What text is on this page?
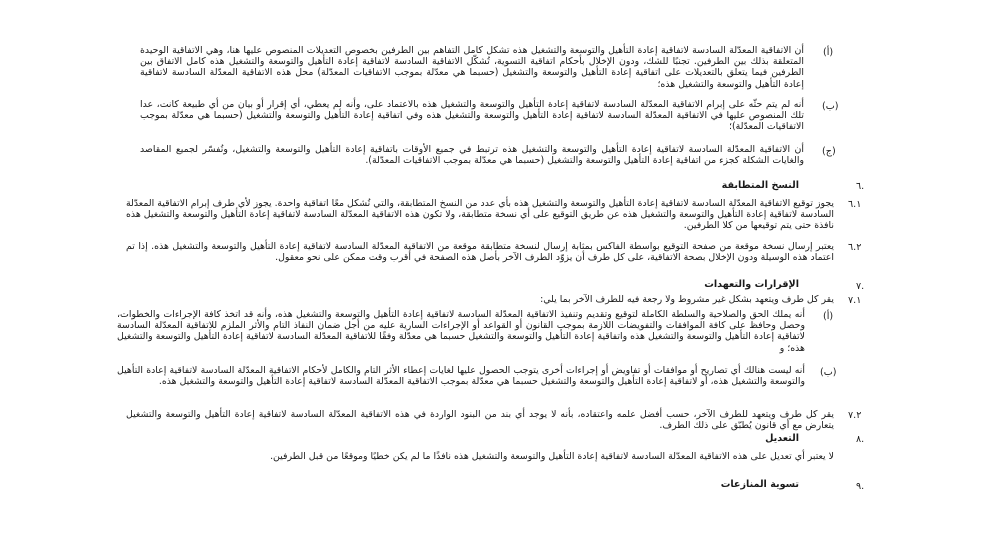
(أ)
أن الاتفاقية المعدّلة السادسة لاتفاقية إعادة التأهيل والتوسعة والتشغيل هذه تشكل كامل التفاهم بين الطرفين بخصوص التعديلات المنصوص عليها هنا، وهي الاتفاقية الوحيدة المتعلقة بذلك بين الطرفين. تجنبًا للشك، ودون الإخلال بأحكام اتفاقية التسوية، تُشكّل الاتفاقية السادسة لاتفاقية إعادة التأهيل والتوسعة والتشغيل هذه كامل الاتفاق بين الطرفين فيما يتعلق بالتعديلات على اتفاقية إعادة التأهيل والتوسعة والتشغيل (حسبما هي معدّلة بموجب الاتفاقيات المعدّلة) محل هذه الاتفاقية المعدّلة السادسة لاتفاقية إعادة التأهيل والتوسعة والتشغيل هذه؛
(ب)
أنه لم يتم حثّه على إبرام الاتفاقية المعدّلة السادسة لاتفاقية إعادة التأهيل والتوسعة والتشغيل هذه بالاعتماد على، وأنه لم يعطي، أي إقرار أو بيان من أي طبيعة كانت، عدا تلك المنصوص عليها في الاتفاقية المعدّلة السادسة لاتفاقية إعادة التأهيل والتوسعة والتشغيل هذه وفي اتفاقية إعادة التأهيل والتوسعة والتشغيل (حسبما هي معدّلة بموجب الاتفاقيات المعدّلة)؛
(ج)
أن الاتفاقية المعدّلة السادسة لاتفاقية إعادة التأهيل والتوسعة والتشغيل هذه ترتبط في جميع الأوقات باتفاقية إعادة التأهيل والتوسعة والتشغيل، وتُفسّر لجميع المقاصد والغايات الشكلة كجزء من اتفاقية إعادة التأهيل والتوسعة والتشغيل (حسبما هي معدّلة بموجب الاتفاقيات المعدّلة).
٦.
النسخ المتطابقة
٦.١
يجوز توقيع الاتفاقية المعدّلة السادسة لاتفاقية إعادة التأهيل والتوسعة والتشغيل هذه بأي عدد من النسخ المتطابقة، والتي تُشكل معًا اتفاقية واحدة. يجوز لأي طرف إبرام الاتفاقية المعدّلة السادسة لاتفاقية إعادة التأهيل والتوسعة والتشغيل هذه عن طريق التوقيع على أي نسخة متطابقة، ولا تكون هذه الاتفاقية المعدّلة السادسة لاتفاقية إعادة التأهيل والتوسعة والتشغيل هذه نافذة حتى يتم توقيعها من كلا الطرفين.
٦.٢
يعتبر إرسال نسخة موقعة من صفحة التوقيع بواسطة الفاكس بمثابة إرسال لنسخة متطابقة موقعة من الاتفاقية المعدّلة السادسة لاتفاقية إعادة التأهيل والتوسعة والتشغيل هذه. إذا تم اعتماد هذه الوسيلة ودون الإخلال بصحة الاتفاقية، على كل طرف أن يزوّد الطرف الآخر بأصل هذه الصفحة في أقرب وقت ممكن على نحو معقول.
٧.
الإقرارات والتعهدات
٧.١
يقر كل طرف ويتعهد بشكل غير مشروط ولا رجعة فيه للطرف الآخر بما يلي:
(أ)
أنه يملك الحق والصلاحية والسلطة الكاملة لتوقيع وتقديم وتنفيذ الاتفاقية المعدّلة السادسة لاتفاقية إعادة التأهيل والتوسعة والتشغيل هذه، وأنه قد اتخذ كافة الإجراءات والخطوات، وحصل وحافظ على كافة الموافقات والتفويضات اللازمة بموجب القانون أو القواعد أو الإجراءات السارية عليه من أجل ضمان النفاذ التام والأثر الملزم للاتفاقية المعدّلة السادسة لاتفاقية إعادة التأهيل والتوسعة والتشغيل هذه واتفاقية إعادة التأهيل والتوسعة والتشغيل حسبما هي معدّلة وفقًا للاتفاقية المعدّلة السادسة لاتفاقية إعادة التأهيل والتوسعة والتشغيل هذه؛ و
(ب)
أنه ليست هنالك أي تصاريح أو موافقات أو تفاويض أو إجراءات أخرى يتوجب الحصول عليها لغايات إعطاء الأثر التام والكامل لأحكام الاتفاقية المعدّلة السادسة لاتفاقية إعادة التأهيل والتوسعة والتشغيل هذه، أو لاتفاقية إعادة التأهيل والتوسعة والتشغيل حسبما هي معدّلة بموجب الاتفاقية المعدّلة السادسة لاتفاقية إعادة التأهيل والتوسعة والتشغيل هذه.
٧.٢
يقر كل طرف ويتعهد للطرف الآخر، حسب أفضل علمه واعتقاده، بأنه لا يوجد أي بند من البنود الواردة في هذه الاتفاقية المعدّلة السادسة لاتفاقية إعادة التأهيل والتوسعة والتشغيل يتعارض مع أي قانون يُطبّق على ذلك الطرف.
٨.
التعديل
لا يعتبر أي تعديل على هذه الاتفاقية المعدّلة السادسة لاتفاقية إعادة التأهيل والتوسعة والتشغيل هذه نافذًا ما لم يكن خطيًا وموقعًا من قبل الطرفين.
٩.
تسوية المنازعات
